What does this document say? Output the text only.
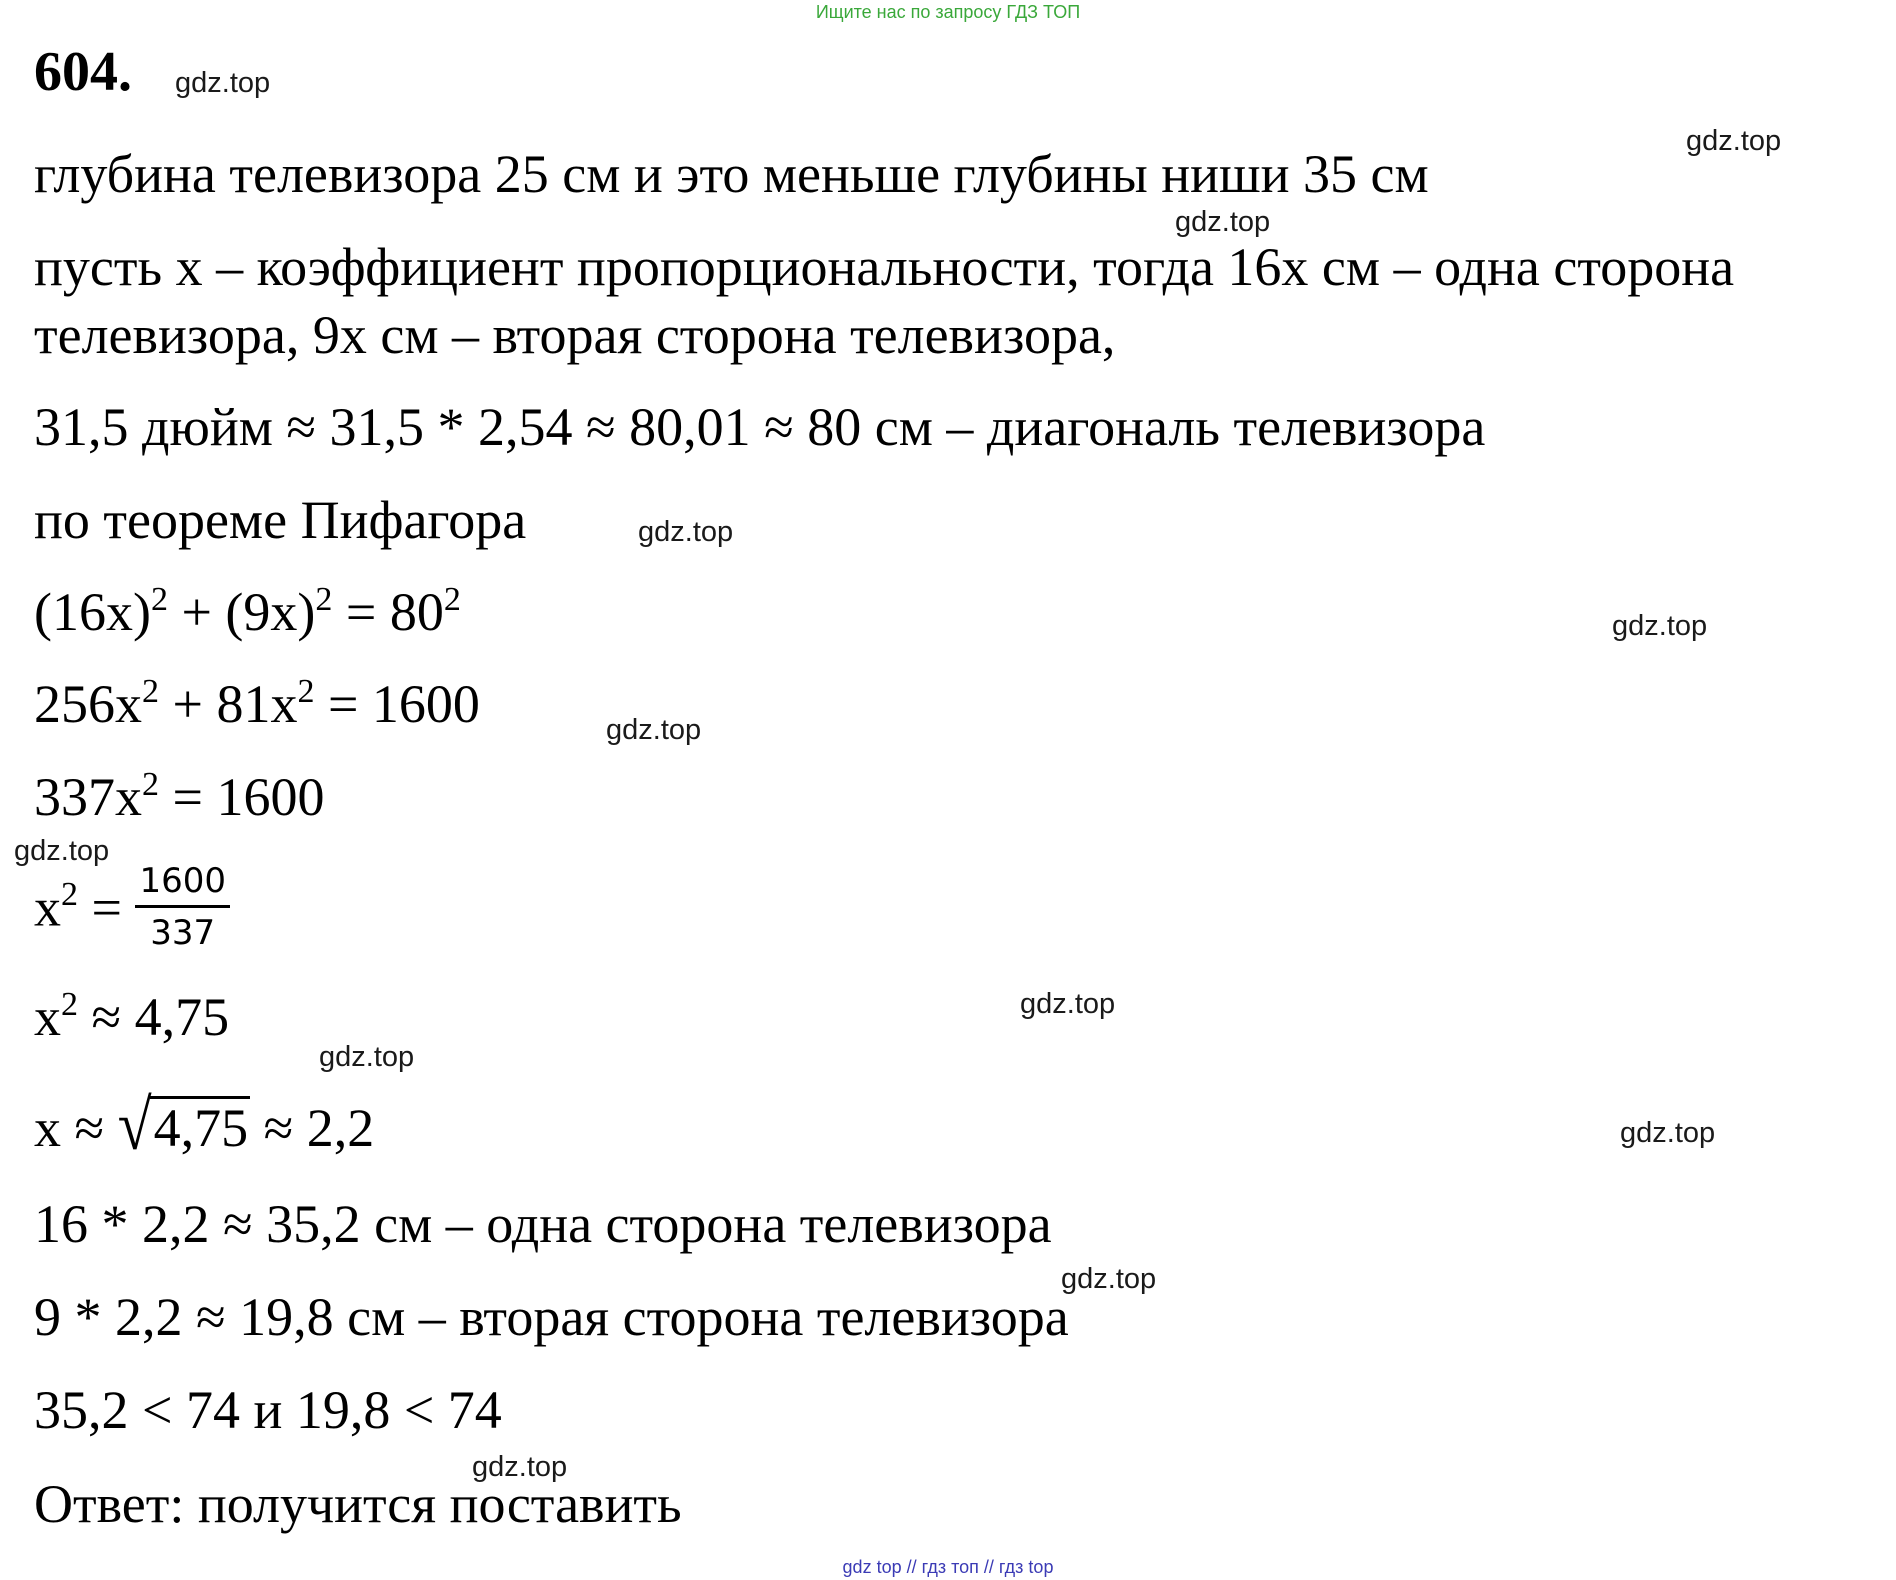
Ищите нас по запросу ГДЗ ТОП
604.
глубина телевизора 25 см и это меньше глубины ниши 35 см
пусть x – коэффициент пропорциональности, тогда 16x см – одна сторона
телевизора, 9x см – вторая сторона телевизора,
31,5 дюйм ≈ 31,5 * 2,54 ≈ 80,01 ≈ 80 см – диагональ телевизора
по теореме Пифагора
$(16x)^2 + (9x)^2 = 80^2$
$256x^2 + 81x^2 = 1600$
$337x^2 = 1600$
$x^2 = \frac{1600}{337}$
$x^2 \approx 4,75$
x ≈ √4,75 ≈ 2,2
16 * 2,2 ≈ 35,2 см – одна сторона телевизора
9 * 2,2 ≈ 19,8 см – вторая сторона телевизора
35,2 < 74 и 19,8 < 74
Ответ: получится поставить
gdz.top
gdz.top
gdz.top
gdz.top
gdz.top
gdz.top
gdz.top
gdz.top
gdz.top
gdz.top
gdz.top
gdz.top
gdz top // гдз топ // гдз top
